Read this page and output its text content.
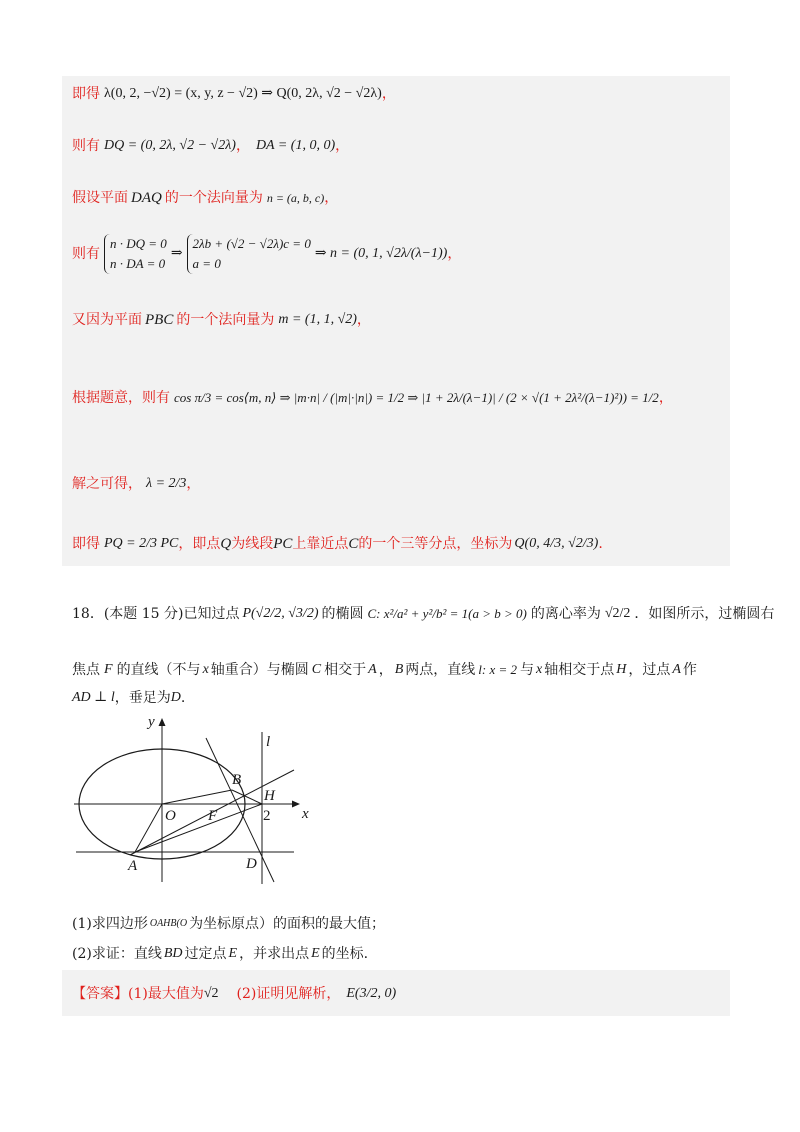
即得 λ(0, 2, −√2) = (x, y, z − √2) ⇒ Q(0, 2λ, √2 − √2λ) ，
则有 DQ = (0, 2λ, √2 − √2λ) ， DA = (1, 0, 0) ，
假设平面 DAQ 的一个法向量为 n = (a, b, c) ，
则有
n · DQ = 0
n · DA = 0
⇒
2λb + (√2 − √2λ)c = 0
a = 0
⇒ n = (0, 1, √2λ/(λ−1)) ，
又因为平面 PBC 的一个法向量为 m = (1, 1, √2) ，
根据题意，则有 cos π/3 = cos⟨m, n⟩ ⇒ |m·n| / (|m|·|n|) = 1/2 ⇒ |1 + 2λ/(λ−1)| / (2 × √(1 + 2λ²/(λ−1)²)) = 1/2 ，
解之可得， λ = 2/3 ，
即得 PQ = 2/3 PC ，即点 Q 为线段 PC 上靠近点 C 的一个三等分点，坐标为 Q(0, 4/3, √2/3) .
18．(本题 15 分)已知过点 P(√2/2, √3/2) 的椭圆 C: x²/a² + y²/b² = 1(a > b > 0) 的离心率为 √2/2 ．如图所示，过椭圆右
焦点 F 的直线（不与 x 轴重合）与椭圆 C 相交于 A ， B 两点，直线 l: x = 2 与 x 轴相交于点 H ，过点 A 作
AD ⊥ l ，垂足为 D .
y
x
l
B
H
O F	2
A	D
(1)求四边形 OAHB(O 为坐标原点）的面积的最大值；
(2)求证：直线 BD 过定点 E ，并求出点 E 的坐标.
【答案】 (1)最大值为 √2 (2)证明见解析， E(3/2, 0)
